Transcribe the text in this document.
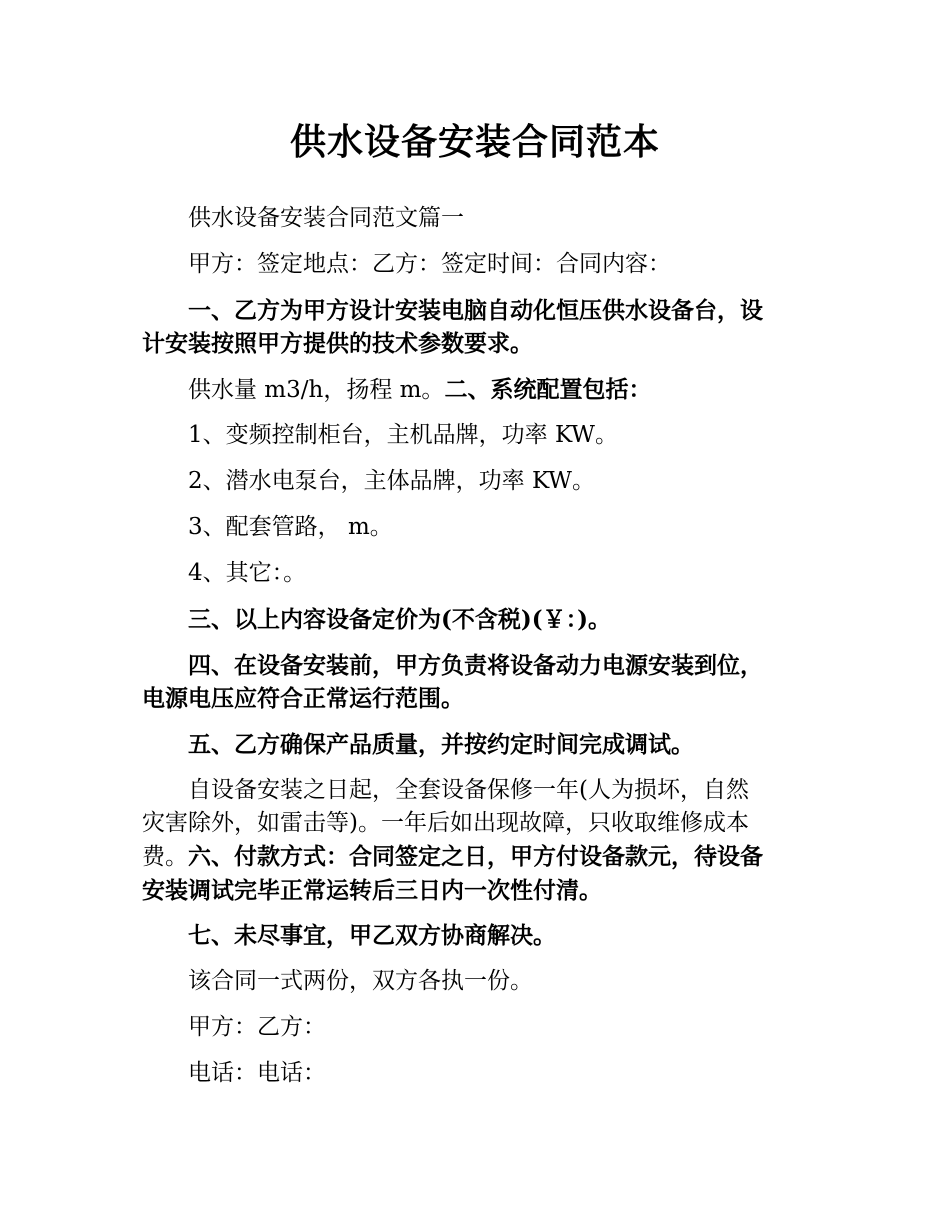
供水设备安装合同范本

供水设备安装合同范文篇一

甲方：签定地点：乙方：签定时间：合同内容：

一、乙方为甲方设计安装电脑自动化恒压供水设备台，设
计安装按照甲方提供的技术参数要求。

供水量 m3/h，扬程 m。二、系统配置包括：

1、变频控制柜台，主机品牌，功率 KW。

2、潜水电泵台，主体品牌，功率 KW。

3、配套管路， m。

4、其它：。

三、以上内容设备定价为(不含税)(￥：)。

四、在设备安装前，甲方负责将设备动力电源安装到位，
电源电压应符合正常运行范围。

五、乙方确保产品质量，并按约定时间完成调试。

自设备安装之日起，全套设备保修一年(人为损坏，自然
灾害除外，如雷击等)。一年后如出现故障，只收取维修成本
费。六、付款方式：合同签定之日，甲方付设备款元，待设备
安装调试完毕正常运转后三日内一次性付清。

七、未尽事宜，甲乙双方协商解决。

该合同一式两份，双方各执一份。

甲方：乙方：

电话：电话：
